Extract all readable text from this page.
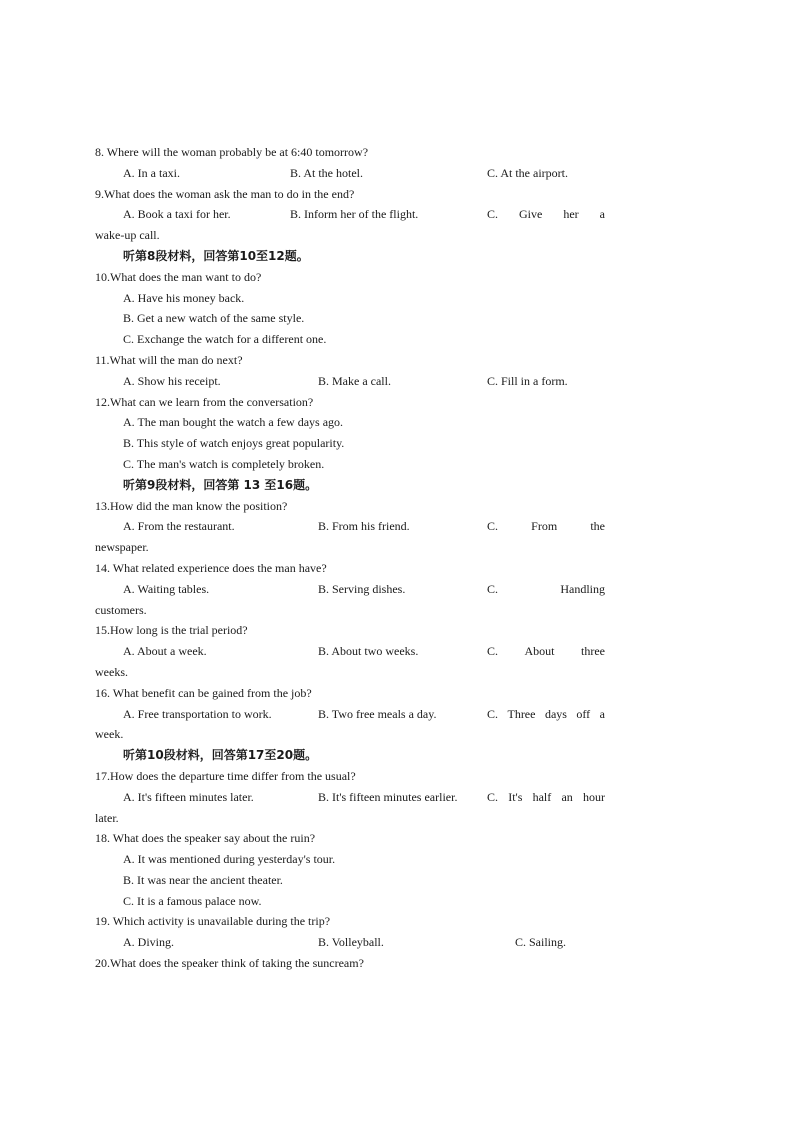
8. Where will the woman probably be at 6:40 tomorrow?
A. In a taxi.	B. At the hotel.	C. At the airport.
9.What does the woman ask the man to do in the end?
A. Book a taxi for her.	B. Inform her of the flight.	C. Give her a
wake-up call.
听第8段材料，回答第10至12题。
10.What does the man want to do?
A. Have his money back.
B. Get a new watch of the same style.
C. Exchange the watch for a different one.
11.What will the man do next?
A. Show his receipt.	B. Make a call.	C. Fill in a form.
12.What can we learn from the conversation?
A. The man bought the watch a few days ago.
B. This style of watch enjoys great popularity.
C. The man's watch is completely broken.
听第9段材料，回答第 13 至16题。
13.How did the man know the position?
A. From the restaurant.	B. From his friend.	C.	From	the
newspaper.
14. What related experience does the man have?
A. Waiting tables.	B. Serving dishes.	C.	Handling
customers.
15.How long is the trial period?
A. About a week.	B. About two weeks.	C. About three
weeks.
16. What benefit can be gained from the job?
A. Free transportation to work.	B. Two free meals a day.	C. Three days off a
week.
听第10段材料，回答第17至20题。
17.How does the departure time differ from the usual?
A. It's fifteen minutes later.	B. It's fifteen minutes earlier. C. It's half an hour
later.
18. What does the speaker say about the ruin?
A. It was mentioned during yesterday's tour.
B. It was near the ancient theater.
C. It is a famous palace now.
19. Which activity is unavailable during the trip?
A. Diving.	B. Volleyball.	C. Sailing.
20.What does the speaker think of taking the suncream?
